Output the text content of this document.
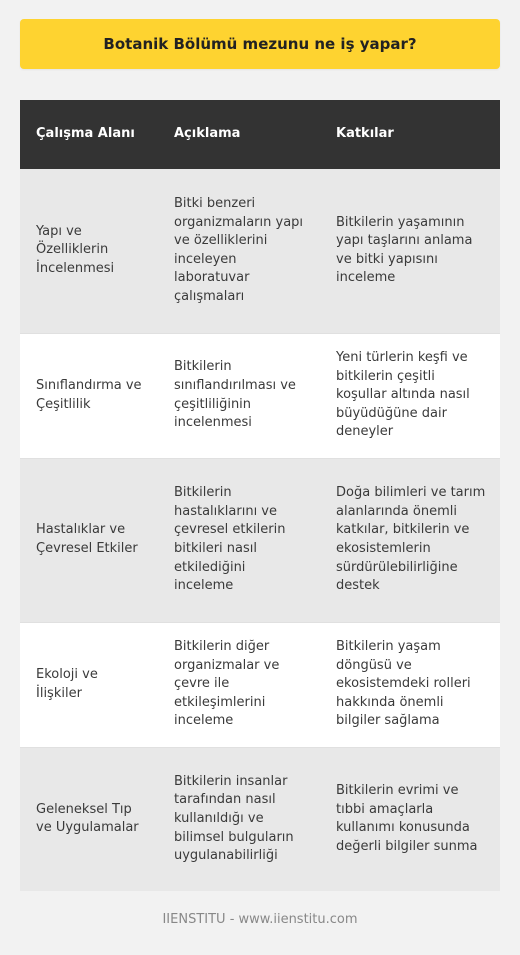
Botanik Bölümü mezunu ne iş yapar?
Çalışma Alanı	Açıklama	Katkılar
Yapı ve Özelliklerin İncelenmesi	Bitki benzeri organizmaların yapı ve özelliklerini inceleyen laboratuvar çalışmaları	Bitkilerin yaşamının yapı taşlarını anlama ve bitki yapısını inceleme
Sınıflandırma ve Çeşitlilik	Bitkilerin sınıflandırılması ve çeşitliliğinin incelenmesi	Yeni türlerin keşfi ve bitkilerin çeşitli koşullar altında nasıl büyüdüğüne dair deneyler
Hastalıklar ve Çevresel Etkiler	Bitkilerin hastalıklarını ve çevresel etkilerin bitkileri nasıl etkilediğini inceleme	Doğa bilimleri ve tarım alanlarında önemli katkılar, bitkilerin ve ekosistemlerin sürdürülebilirliğine destek
Ekoloji ve İlişkiler	Bitkilerin diğer organizmalar ve çevre ile etkileşimlerini inceleme	Bitkilerin yaşam döngüsü ve ekosistemdeki rolleri hakkında önemli bilgiler sağlama
Geleneksel Tıp ve Uygulamalar	Bitkilerin insanlar tarafından nasıl kullanıldığı ve bilimsel bulguların uygulanabilirliği	Bitkilerin evrimi ve tıbbi amaçlarla kullanımı konusunda değerli bilgiler sunma
IIENSTITU - www.iienstitu.com
